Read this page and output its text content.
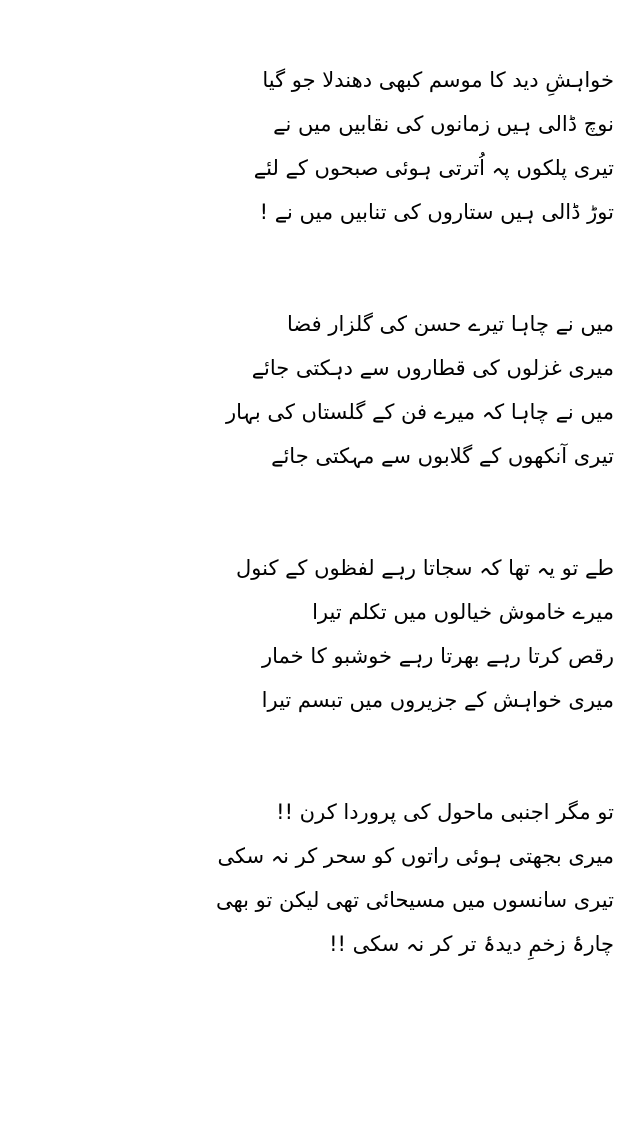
خواہشِ دید کا موسم کبھی دھندلا جو گیا
نوچ ڈالی ہیں زمانوں کی نقابیں میں نے
تیری پلکوں پہ اُترتی ہوئی صبحوں کے لئے
توڑ ڈالی ہیں ستاروں کی تنابیں میں نے !
میں نے چاہا تیرے حسن کی گلزار فضا
میری غزلوں کی قطاروں سے دہکتی جائے
میں نے چاہا کہ میرے فن کے گلستاں کی بہار
تیری آنکھوں کے گلابوں سے مہکتی جائے
طے تو یہ تھا کہ سجاتا رہے لفظوں کے کنول
میرے خاموش خیالوں میں تکلم تیرا
رقص کرتا رہے بھرتا رہے خوشبو کا خمار
میری خواہش کے جزیروں میں تبسم تیرا
تو مگر اجنبی ماحول کی پروردا کرن !!
میری بجھتی ہوئی راتوں کو سحر کر نہ سکی
تیری سانسوں میں مسیحائی تھی لیکن تو بھی
چارۂ زخمِ دیدۂ تر کر نہ سکی !!
